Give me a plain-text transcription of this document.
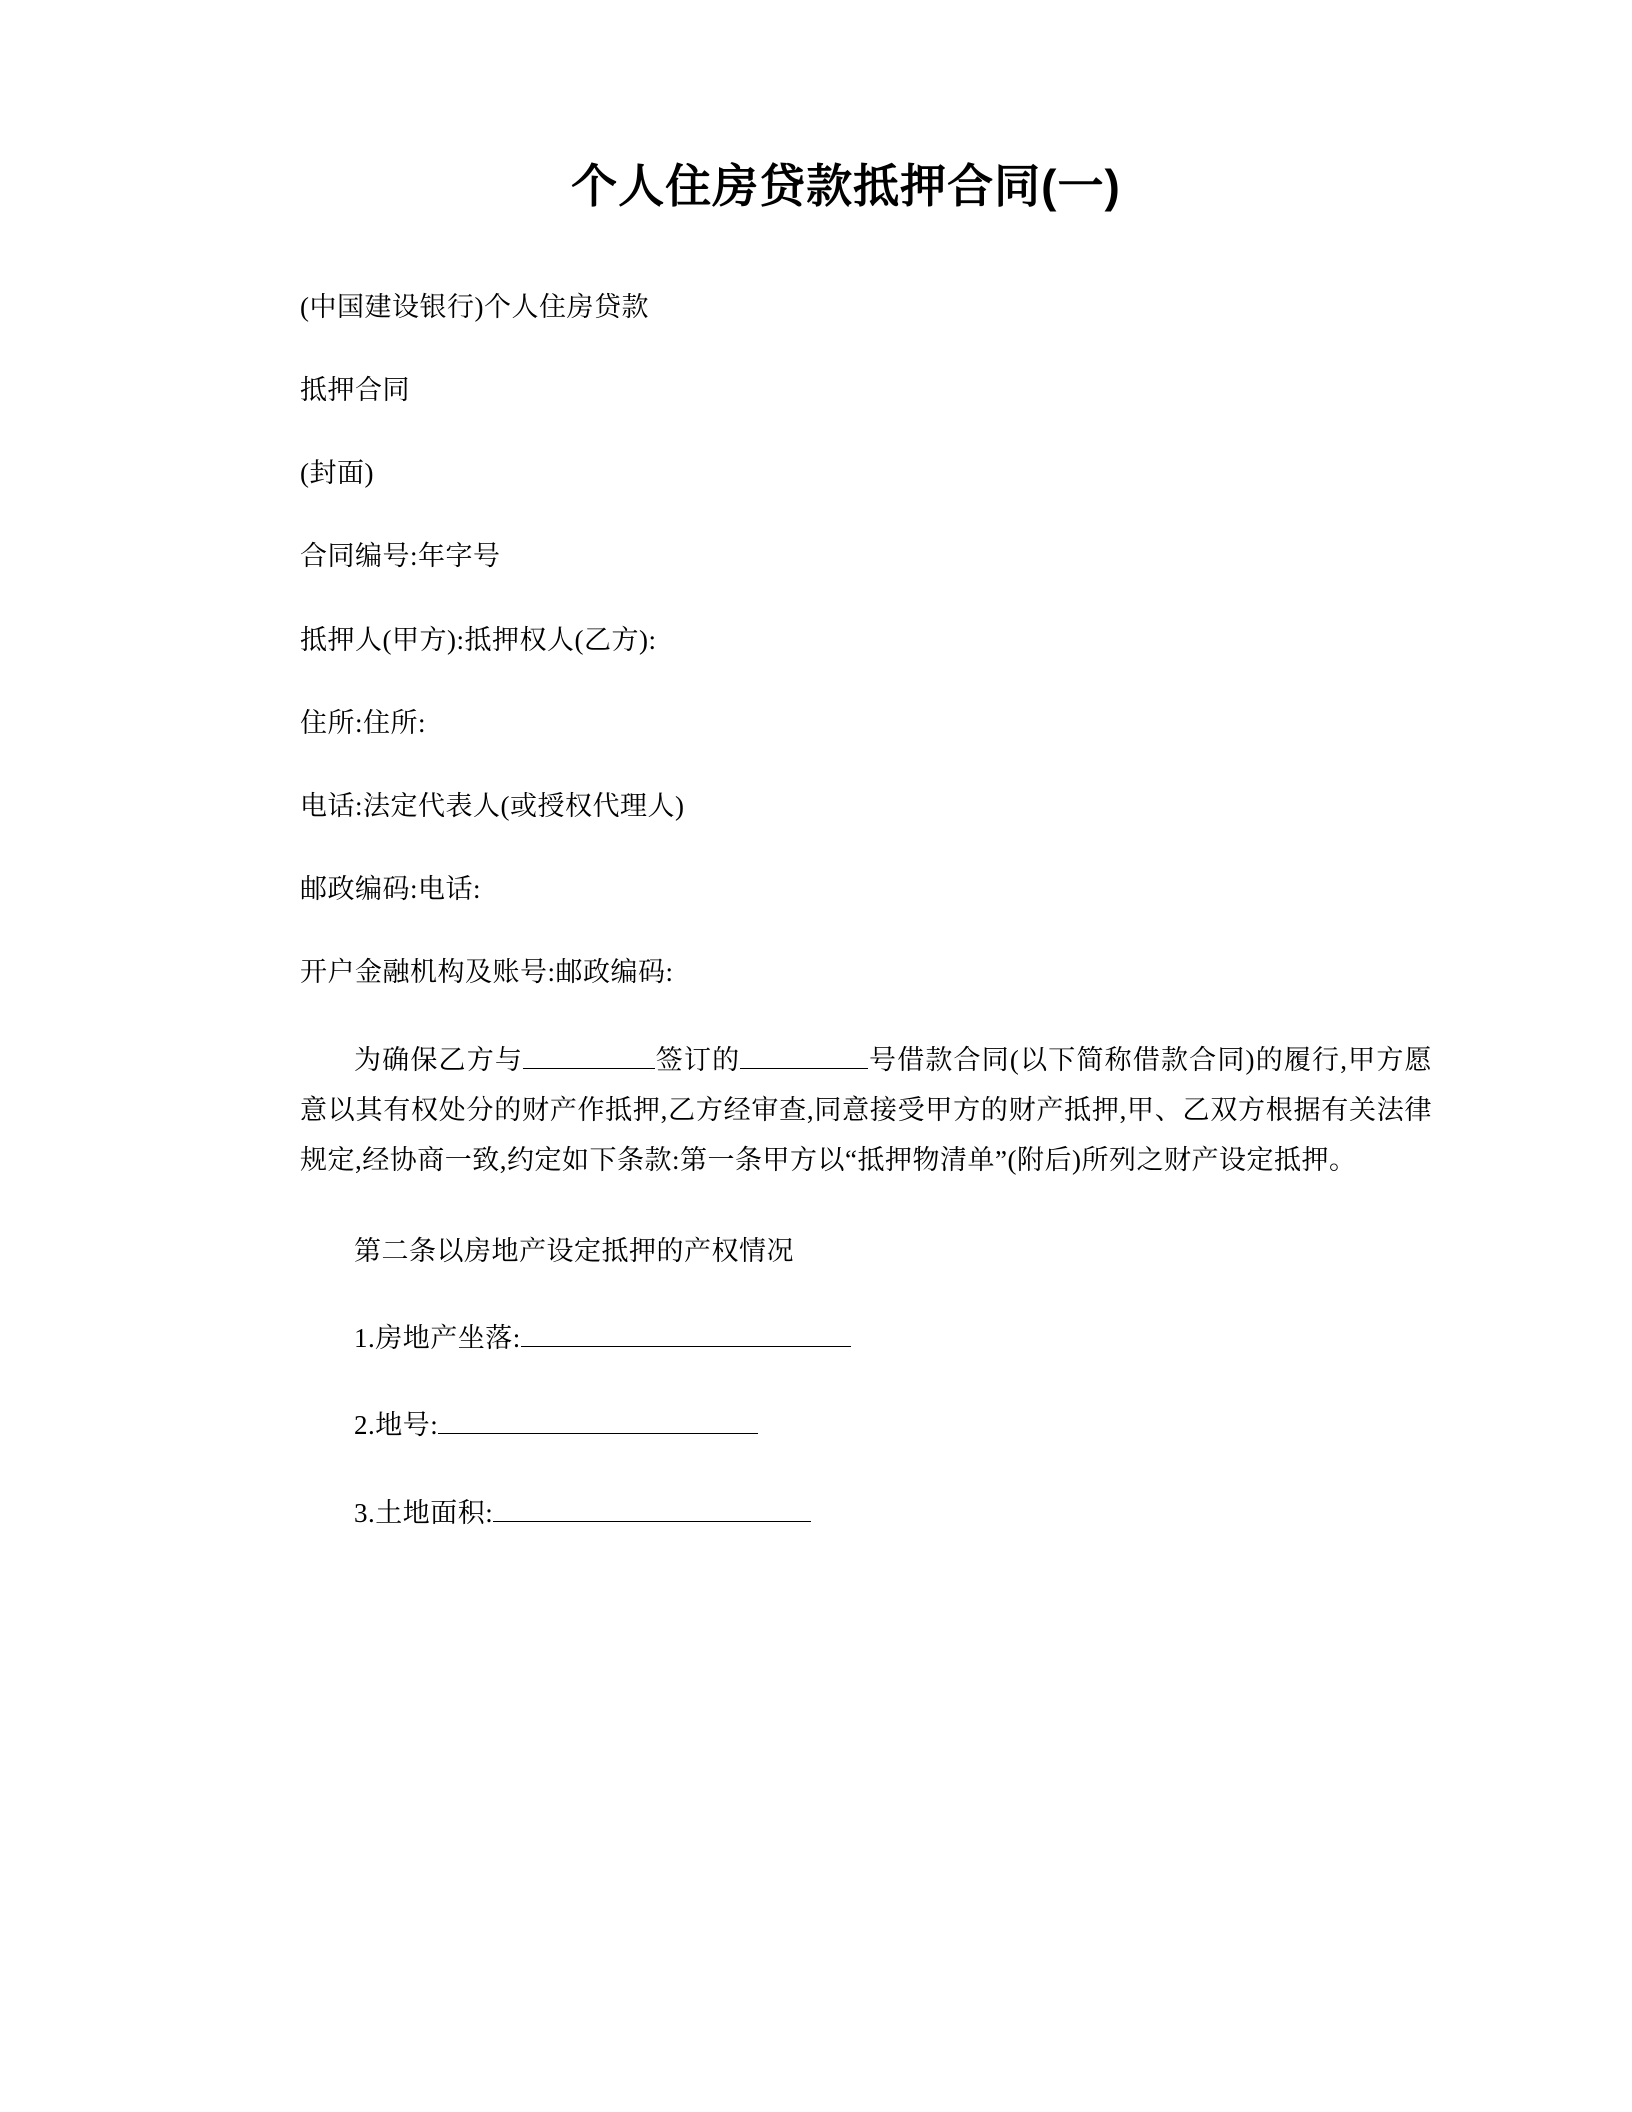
个人住房贷款抵押合同(一)

(中国建设银行)个人住房贷款

抵押合同

(封面)

合同编号:年字号

抵押人(甲方):抵押权人(乙方):

住所:住所:

电话:法定代表人(或授权代理人)

邮政编码:电话:

开户金融机构及账号:邮政编码:

为确保乙方与	签订的	号借款合同(以下简称借款合同)的履行,甲方愿意以其有权处分的财产作抵押,乙方经审查,同意接受甲方的财产抵押,甲、乙双方根据有关法律规定,经协商一致,约定如下条款:第一条甲方以“抵押物清单”(附后)所列之财产设定抵押。

第二条以房地产设定抵押的产权情况

1.房地产坐落:

2.地号:

3.土地面积:
